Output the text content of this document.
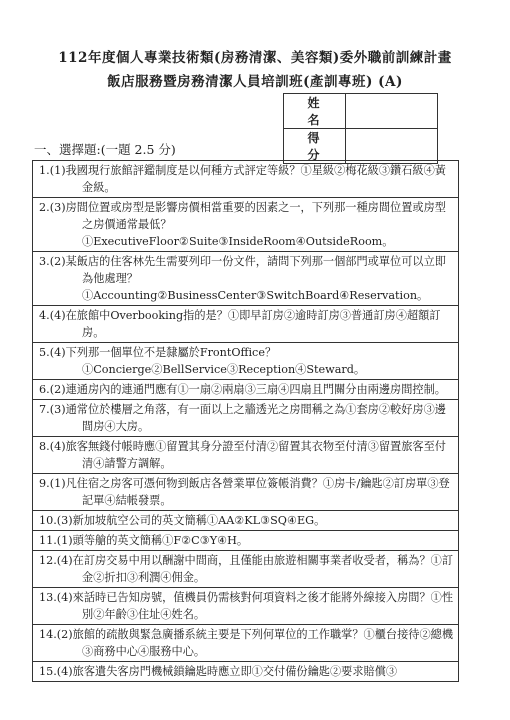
112年度個人專業技術類(房務清潔、美容類)委外職前訓練計畫
飯店服務暨房務清潔人員培訓班(產訓專班) (A)
姓 名	
得 分	
一、選擇題:(一題 2.5 分)
1.(1)我國現行旅館評鑑制度是以何種方式評定等級？①星級②梅花級③鑽石級④黃金級。

2.(3)房間位置或房型是影響房價相當重要的因素之一，下列那一種房間位置或房型之房價通常最低？①ExecutiveFloor②Suite③InsideRoom④OutsideRoom。

3.(2)某飯店的住客林先生需要列印一份文件，請問下列那一個部門或單位可以立即為他處理？①Accounting②BusinessCenter③SwitchBoard④Reservation。

4.(4)在旅館中Overbooking指的是？①即早訂房②逾時訂房③普通訂房④超額訂房。

5.(4)下列那一個單位不是隸屬於FrontOffice？①Concierge②BellService③Reception④Steward。

6.(2)連通房內的連通門應有①一扇②兩扇③三扇④四扇且門關分由兩邊房間控制。

7.(3)通常位於樓層之角落，有一面以上之牆透光之房間稱之為①套房②較好房③邊間房④大房。

8.(4)旅客無錢付帳時應①留置其身分證至付清②留置其衣物至付清③留置旅客至付清④請警方調解。

9.(1)凡住宿之房客可憑何物到飯店各營業單位簽帳消費？①房卡/鑰匙②訂房單③登記單④結帳發票。

10.(3)新加坡航空公司的英文簡稱①AA②KL③SQ④EG。

11.(1)頭等艙的英文簡稱①F②C③Y④H。

12.(4)在訂房交易中用以酬謝中間商，且僅能由旅遊相關事業者收受者，稱為？①訂金②折扣③利潤④佣金。

13.(4)來話時已告知房號，值機員仍需核對何項資料之後才能將外線接入房間？①性別②年齡③住址④姓名。

14.(2)旅館的疏散與緊急廣播系統主要是下列何單位的工作職掌？①櫃台接待②總機③商務中心④服務中心。

15.(4)旅客遺失客房門機械鎖鑰匙時應立即①交付備份鑰匙②要求賠償③
